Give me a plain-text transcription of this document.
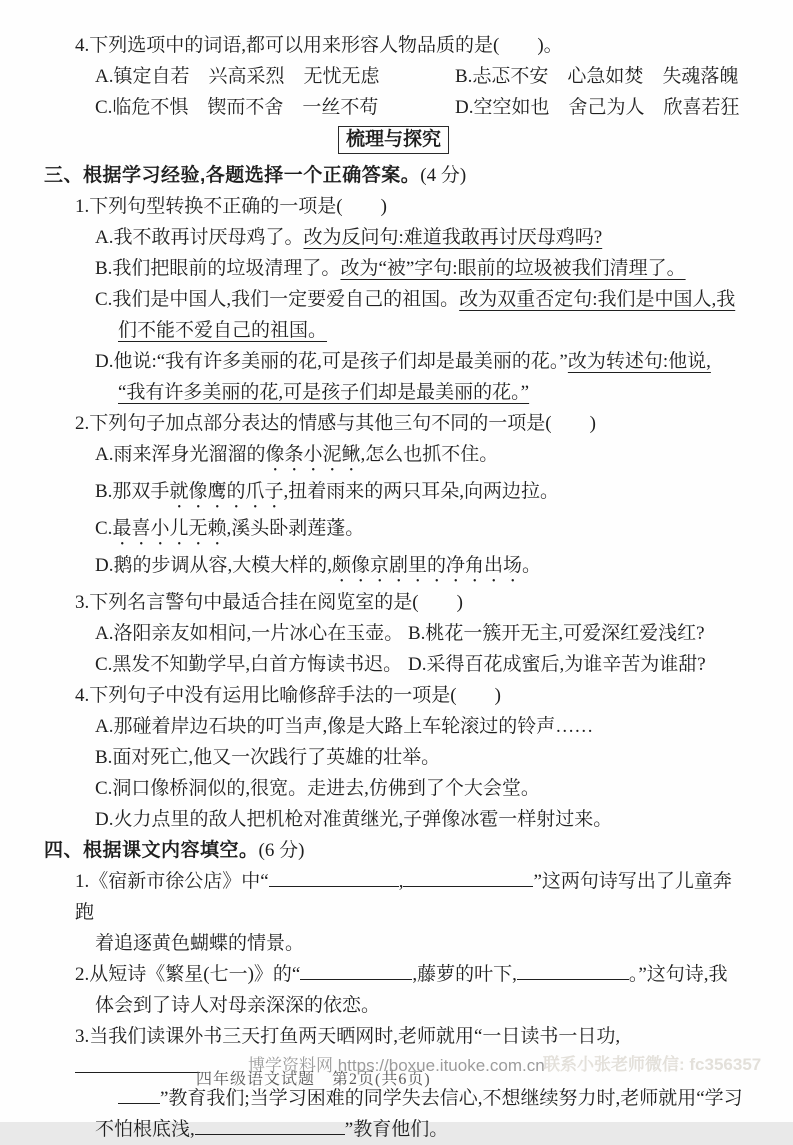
4.下列选项中的词语,都可以用来形容人物品质的是(　　)。
A.镇定自若　兴高采烈　无忧无虑	B.忐忑不安　心急如焚　失魂落魄
C.临危不惧　锲而不舍　一丝不苟	D.空空如也　舍己为人　欣喜若狂
梳理与探究
三、根据学习经验,各题选择一个正确答案。(4 分)
1.下列句型转换不正确的一项是(　　)
A.我不敢再讨厌母鸡了。改为反问句:难道我敢再讨厌母鸡吗?
B.我们把眼前的垃圾清理了。改为“被”字句:眼前的垃圾被我们清理了。
C.我们是中国人,我们一定要爱自己的祖国。改为双重否定句:我们是中国人,我
们不能不爱自己的祖国。
D.他说:“我有许多美丽的花,可是孩子们却是最美丽的花。”改为转述句:他说,
“我有许多美丽的花,可是孩子们却是最美丽的花。”
2.下列句子加点部分表达的情感与其他三句不同的一项是(　　)
A.雨来浑身光溜溜的像条小泥鳅,怎么也抓不住。
B.那双手就像鹰的爪子,扭着雨来的两只耳朵,向两边拉。
C.最喜小儿无赖,溪头卧剥莲蓬。
D.鹅的步调从容,大模大样的,颇像京剧里的净角出场。
3.下列名言警句中最适合挂在阅览室的是(　　)
A.洛阳亲友如相问,一片冰心在玉壶。 B.桃花一簇开无主,可爱深红爱浅红?
C.黑发不知勤学早,白首方悔读书迟。 D.采得百花成蜜后,为谁辛苦为谁甜?
4.下列句子中没有运用比喻修辞手法的一项是(　　)
A.那碰着岸边石块的叮当声,像是大路上车轮滚过的铃声……
B.面对死亡,他又一次践行了英雄的壮举。
C.洞口像桥洞似的,很宽。走进去,仿佛到了个大会堂。
D.火力点里的敌人把机枪对准黄继光,子弹像冰雹一样射过来。
四、根据课文内容填空。(6 分)
1.《宿新市徐公店》中“	,	”这两句诗写出了儿童奔跑
着追逐黄色蝴蝶的情景。
2.从短诗《繁星(七一)》的“	,藤萝的叶下,	。”这句诗,我
体会到了诗人对母亲深深的依恋。
3.当我们读课外书三天打鱼两天晒网时,老师就用“一日读书一日功,
”教育我们;当学习困难的同学失去信心,不想继续努力时,老师就用“学习
不怕根底浅,	”教育他们。
博学资料网 https://boxue.ituoke.com.cn
四年级语文试题　第2页(共6页)
联系小张老师微信: fc356357
